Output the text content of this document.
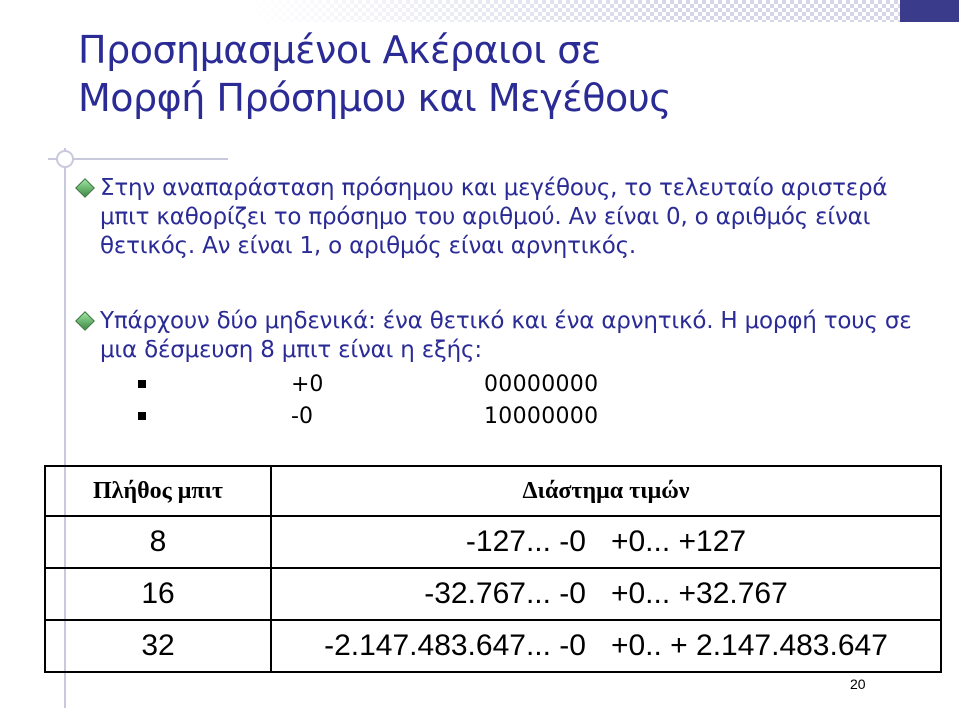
Προσημασμένοι Ακέραιοι σε
Μορφή Πρόσημου και Μεγέθους
Στην αναπαράσταση πρόσημου και μεγέθους, το τελευταίο αριστερά μπιτ καθορίζει το πρόσημο του αριθμού. Αν είναι 0, ο αριθμός είναι θετικός. Αν είναι 1, ο αριθμός είναι αρνητικός.
Υπάρχουν δύο μηδενικά: ένα θετικό και ένα αρνητικό. Η μορφή τους σε μια δέσμευση 8 μπιτ είναι η εξής:
+0	00000000
-0	10000000
Πλήθος μπιτ	Διάστημα τιμών
8	-127... -0   +0... +127
16	-32.767... -0   +0... +32.767
32	-2.147.483.647... -0   +0.. + 2.147.483.647
20
